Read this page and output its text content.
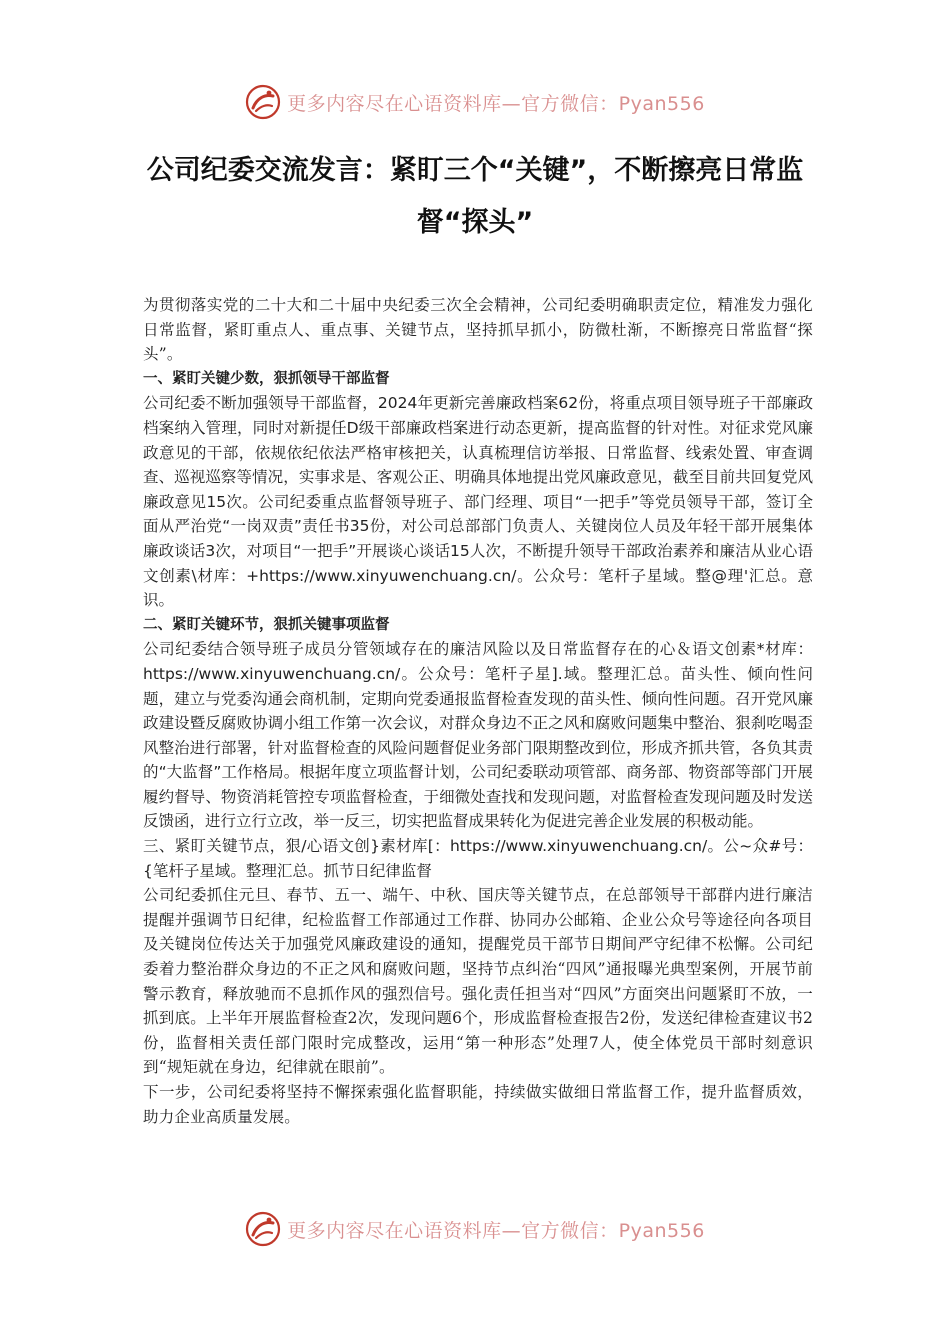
更多内容尽在心语资料库—官方微信：Pyan556
公司纪委交流发言：紧盯三个“关键”，不断擦亮日常监督“探头”

为贯彻落实党的二十大和二十届中央纪委三次全会精神，公司纪委明确职责定位，精准发力强化日常监督，紧盯重点人、重点事、关键节点，坚持抓早抓小，防微杜渐，不断擦亮日常监督“探头”。

一、紧盯关键少数，狠抓领导干部监督

公司纪委不断加强领导干部监督，2024年更新完善廉政档案62份，将重点项目领导班子干部廉政档案纳入管理，同时对新提任D级干部廉政档案进行动态更新，提高监督的针对性。对征求党风廉政意见的干部，依规依纪依法严格审核把关，认真梳理信访举报、日常监督、线索处置、审查调查、巡视巡察等情况，实事求是、客观公正、明确具体地提出党风廉政意见，截至目前共回复党风廉政意见15次。公司纪委重点监督领导班子、部门经理、项目“一把手”等党员领导干部，签订全面从严治党“一岗双责”责任书35份，对公司总部部门负责人、关键岗位人员及年轻干部开展集体廉政谈话3次，对项目“一把手”开展谈心谈话15人次，不断提升领导干部政治素养和廉洁从业心语文创素\材库：+https://www.xinyuwenchuang.cn/。公众号：笔杆子星域。整@理'汇总。意识。

二、紧盯关键环节，狠抓关键事项监督

公司纪委结合领导班子成员分管领域存在的廉洁风险以及日常监督存在的心＆语文创素*材库：https://www.xinyuwenchuang.cn/。公众号：笔杆子星].域。整理汇总。苗头性、倾向性问题，建立与党委沟通会商机制，定期向党委通报监督检查发现的苗头性、倾向性问题。召开党风廉政建设暨反腐败协调小组工作第一次会议，对群众身边不正之风和腐败问题集中整治、狠刹吃喝歪风整治进行部署，针对监督检查的风险问题督促业务部门限期整改到位，形成齐抓共管，各负其责的“大监督”工作格局。根据年度立项监督计划，公司纪委联动项管部、商务部、物资部等部门开展履约督导、物资消耗管控专项监督检查，于细微处查找和发现问题，对监督检查发现问题及时发送反馈函，进行立行立改，举一反三，切实把监督成果转化为促进完善企业发展的积极动能。

三、紧盯关键节点，狠/心语文创}素材库[：https://www.xinyuwenchuang.cn/。公~众#号：{笔杆子星域。整理汇总。抓节日纪律监督

公司纪委抓住元旦、春节、五一、端午、中秋、国庆等关键节点，在总部领导干部群内进行廉洁提醒并强调节日纪律，纪检监督工作部通过工作群、协同办公邮箱、企业公众号等途径向各项目及关键岗位传达关于加强党风廉政建设的通知，提醒党员干部节日期间严守纪律不松懈。公司纪委着力整治群众身边的不正之风和腐败问题，坚持节点纠治“四风”通报曝光典型案例，开展节前警示教育，释放驰而不息抓作风的强烈信号。强化责任担当对“四风”方面突出问题紧盯不放，一抓到底。上半年开展监督检查2次，发现问题6个，形成监督检查报告2份，发送纪律检查建议书2份，监督相关责任部门限时完成整改，运用“第一种形态”处理7人，使全体党员干部时刻意识到“规矩就在身边，纪律就在眼前”。

下一步，公司纪委将坚持不懈探索强化监督职能，持续做实做细日常监督工作，提升监督质效，助力企业高质量发展。

更多内容尽在心语资料库—官方微信：Pyan556
